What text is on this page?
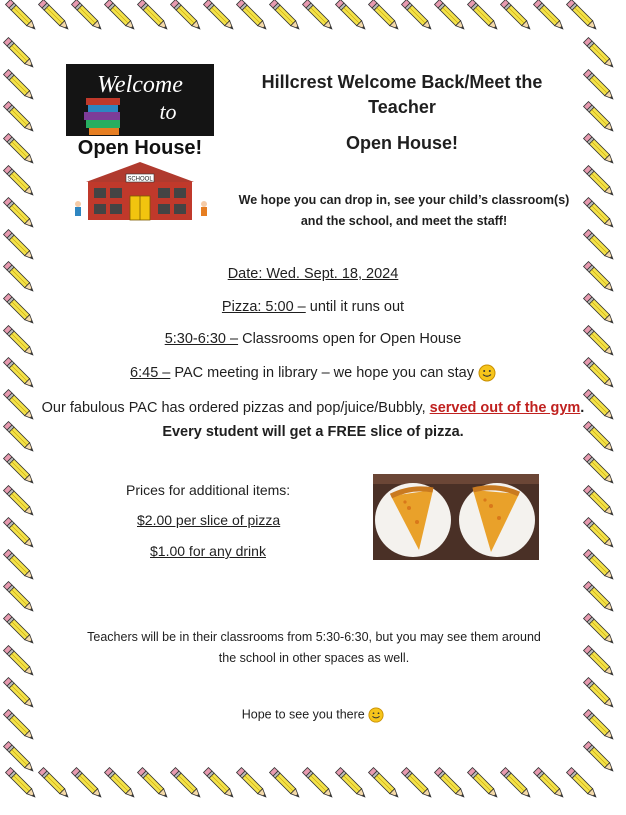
Welcome
to
Open House!
SCHOOL
Hillcrest Welcome Back/Meet the
Teacher
Open House!
We hope you can drop in, see your child’s classroom(s)
and the school, and meet the staff!
Date: Wed. Sept. 18, 2024
Pizza: 5:00 – until it runs out
5:30-6:30 – Classrooms open for Open House
6:45 – PAC meeting in library – we hope you can stay
Our fabulous PAC has ordered pizzas and pop/juice/Bubbly, served out of the gym. Every student will get a FREE slice of pizza.
Prices for additional items:
$2.00 per slice of pizza
$1.00 for any drink
Teachers will be in their classrooms from 5:30-6:30, but you may see them around
the school in other spaces as well.
Hope to see you there
